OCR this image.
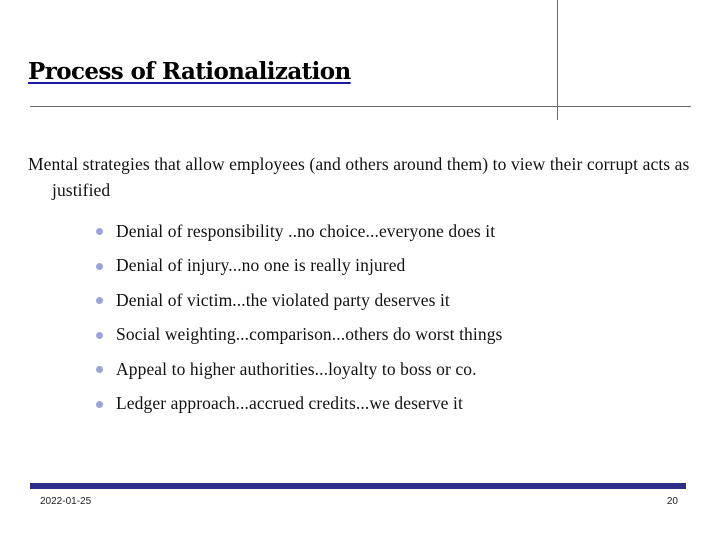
Process of Rationalization
Mental strategies that allow employees (and others around them) to view their corrupt acts as justified
Denial of responsibility ..no choice...everyone does it
Denial of injury...no one is really injured
Denial of victim...the violated party deserves it
Social weighting...comparison...others do worst things
Appeal to higher authorities...loyalty to boss or co.
Ledger approach...accrued credits...we deserve it
2022-01-25	20
